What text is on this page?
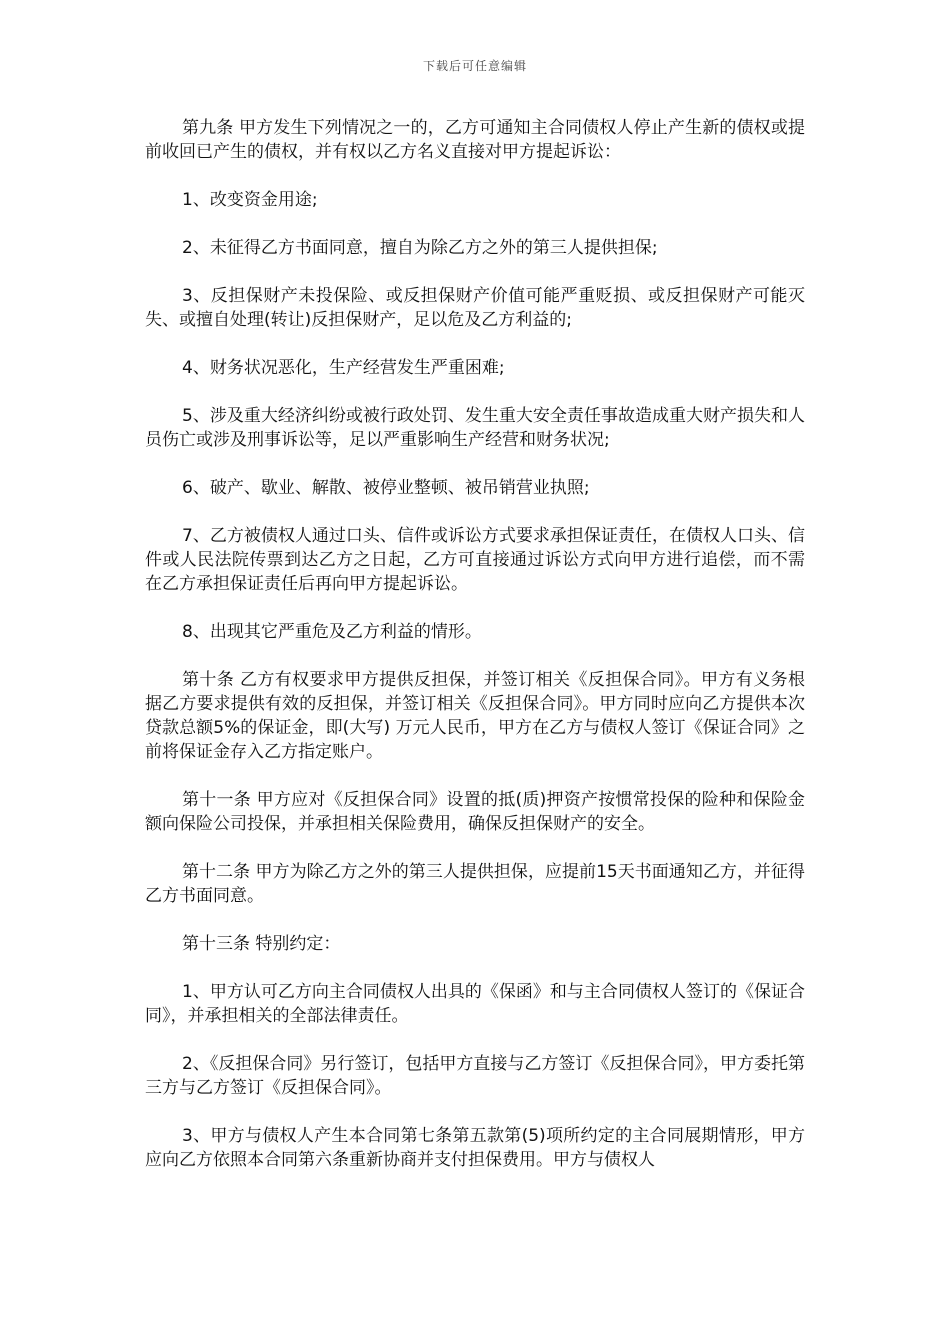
下载后可任意编辑

第九条 甲方发生下列情况之一的，乙方可通知主合同债权人停止产生新的债权或提前收回已产生的债权，并有权以乙方名义直接对甲方提起诉讼：

1、改变资金用途;

2、未征得乙方书面同意，擅自为除乙方之外的第三人提供担保;

3、反担保财产未投保险、或反担保财产价值可能严重贬损、或反担保财产可能灭失、或擅自处理(转让)反担保财产，足以危及乙方利益的;

4、财务状况恶化，生产经营发生严重困难;

5、涉及重大经济纠纷或被行政处罚、发生重大安全责任事故造成重大财产损失和人员伤亡或涉及刑事诉讼等，足以严重影响生产经营和财务状况;

6、破产、歇业、解散、被停业整顿、被吊销营业执照;

7、乙方被债权人通过口头、信件或诉讼方式要求承担保证责任，在债权人口头、信件或人民法院传票到达乙方之日起，乙方可直接通过诉讼方式向甲方进行追偿，而不需在乙方承担保证责任后再向甲方提起诉讼。

8、出现其它严重危及乙方利益的情形。

第十条 乙方有权要求甲方提供反担保，并签订相关《反担保合同》。甲方有义务根据乙方要求提供有效的反担保，并签订相关《反担保合同》。甲方同时应向乙方提供本次贷款总额5%的保证金，即(大写) 万元人民币，甲方在乙方与债权人签订《保证合同》之前将保证金存入乙方指定账户。

第十一条 甲方应对《反担保合同》设置的抵(质)押资产按惯常投保的险种和保险金额向保险公司投保，并承担相关保险费用，确保反担保财产的安全。

第十二条 甲方为除乙方之外的第三人提供担保，应提前15天书面通知乙方，并征得乙方书面同意。

第十三条 特别约定：

1、甲方认可乙方向主合同债权人出具的《保函》和与主合同债权人签订的《保证合同》，并承担相关的全部法律责任。

2、《反担保合同》另行签订，包括甲方直接与乙方签订《反担保合同》，甲方委托第三方与乙方签订《反担保合同》。

3、甲方与债权人产生本合同第七条第五款第(5)项所约定的主合同展期情形，甲方应向乙方依照本合同第六条重新协商并支付担保费用。甲方与债权人
